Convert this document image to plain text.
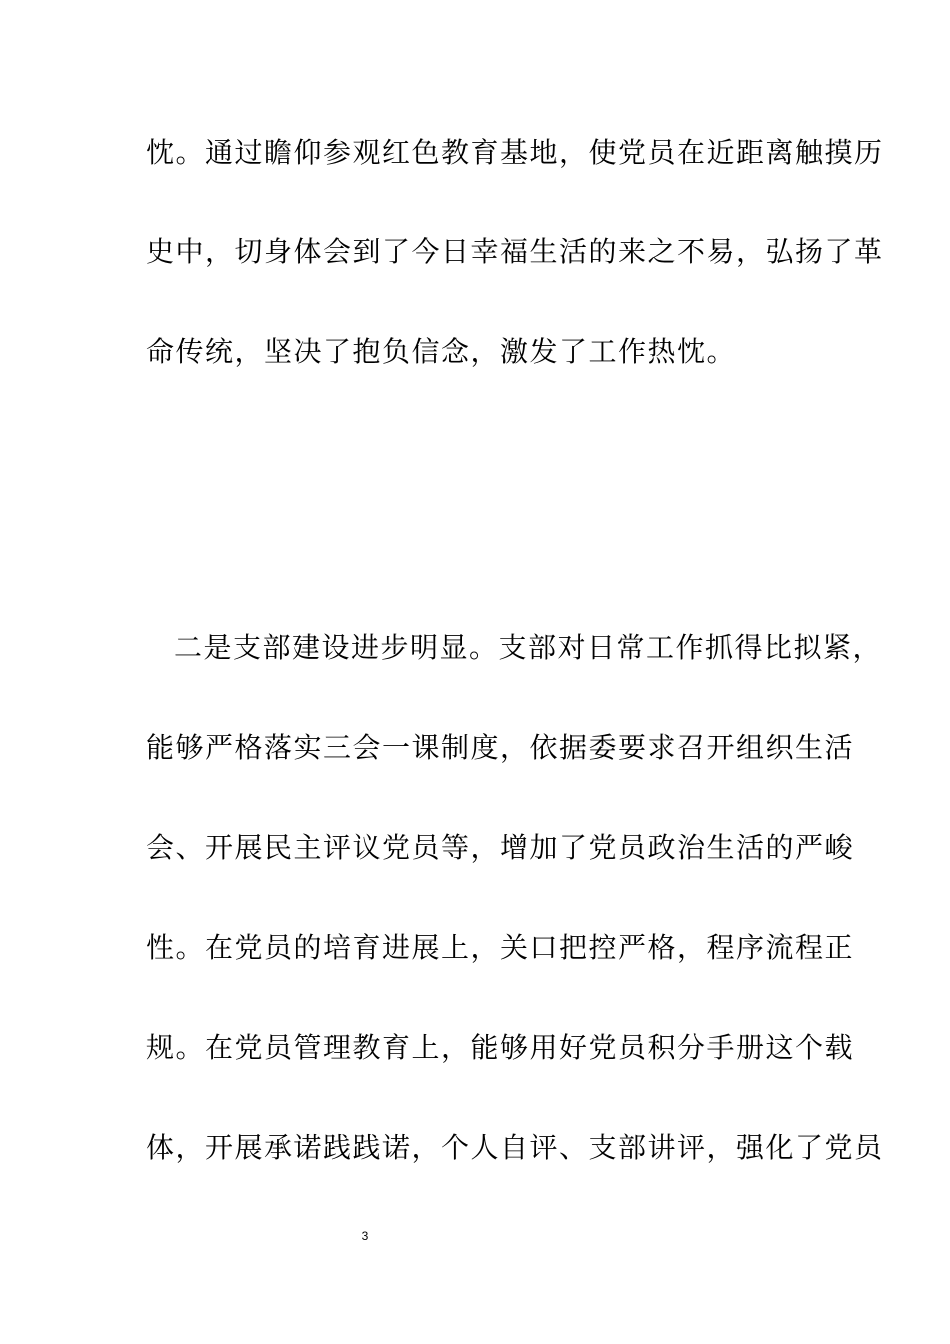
忱。通过瞻仰参观红色教育基地，使党员在近距离触摸历
史中，切身体会到了今日幸福生活的来之不易，弘扬了革
命传统，坚决了抱负信念，激发了工作热忱。
二是支部建设进步明显。支部对日常工作抓得比拟紧，
能够严格落实三会一课制度，依据委要求召开组织生活
会、开展民主评议党员等，增加了党员政治生活的严峻
性。在党员的培育进展上，关口把控严格，程序流程正
规。在党员管理教育上，能够用好党员积分手册这个载
体，开展承诺践践诺，个人自评、支部讲评，强化了党员
3
